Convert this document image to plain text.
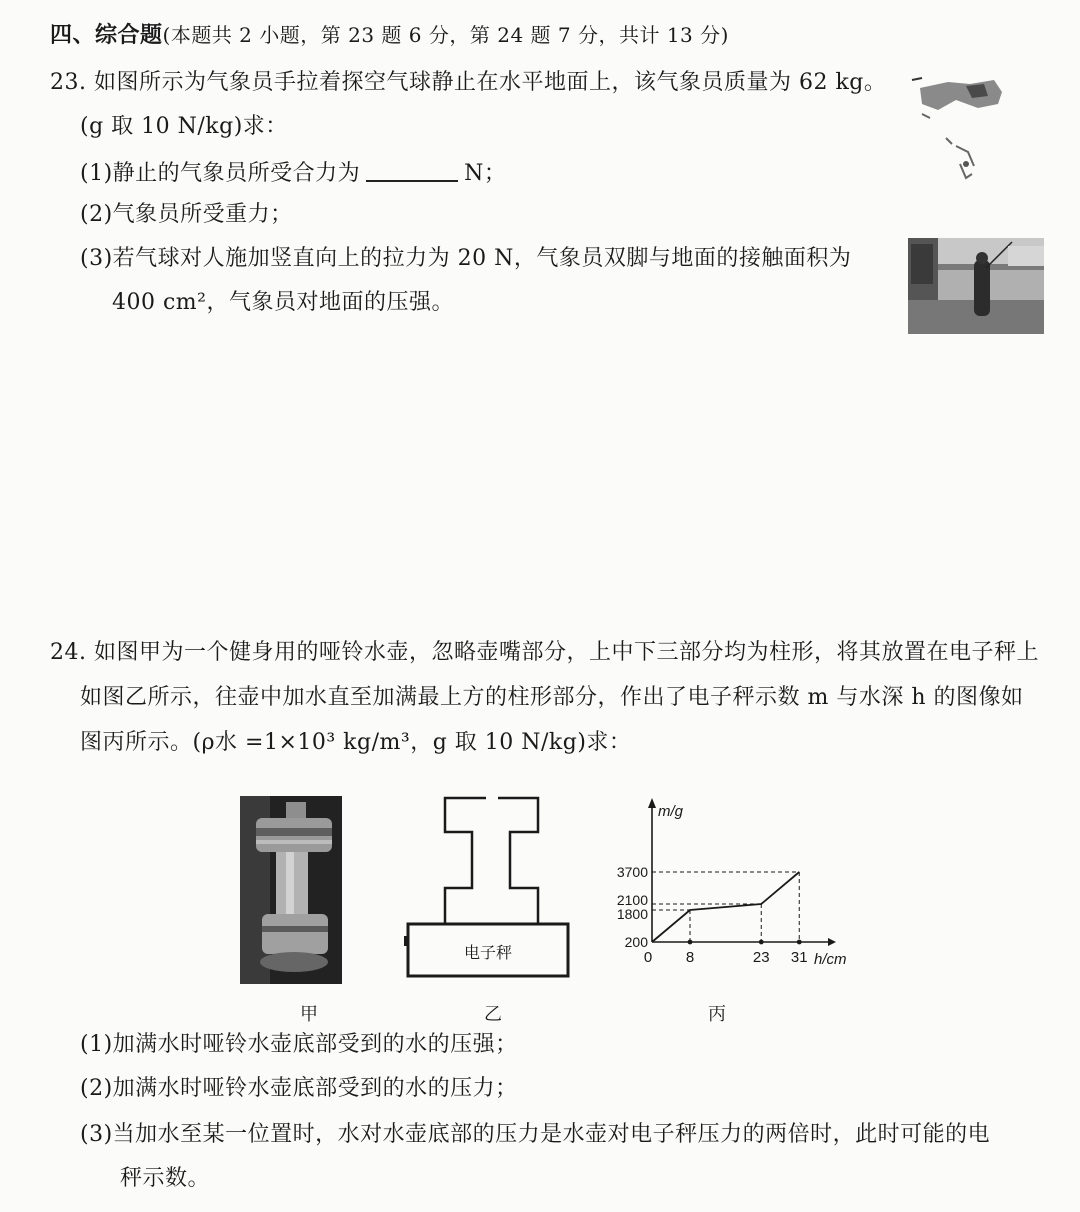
四、综合题(本题共 2 小题，第 23 题 6 分，第 24 题 7 分，共计 13 分)
23. 如图所示为气象员手拉着探空气球静止在水平地面上，该气象员质量为 62 kg。
(g 取 10 N/kg)求：
(1)静止的气象员所受合力为	N；
(2)气象员所受重力；
(3)若气球对人施加竖直向上的拉力为 20 N，气象员双脚与地面的接触面积为
400 cm²，气象员对地面的压强。
24. 如图甲为一个健身用的哑铃水壶，忽略壶嘴部分，上中下三部分均为柱形，将其放置在电子秤上
如图乙所示，往壶中加水直至加满最上方的柱形部分，作出了电子秤示数 m 与水深 h 的图像如
图丙所示。(ρ水 =1×10³ kg/m³，g 取 10 N/kg)求：
甲
电子秤
乙
m/g
h/cm
200
1800
2100
3700
0 8	23 31
丙
(1)加满水时哑铃水壶底部受到的水的压强；
(2)加满水时哑铃水壶底部受到的水的压力；
(3)当加水至某一位置时，水对水壶底部的压力是水壶对电子秤压力的两倍时，此时可能的电
秤示数。
